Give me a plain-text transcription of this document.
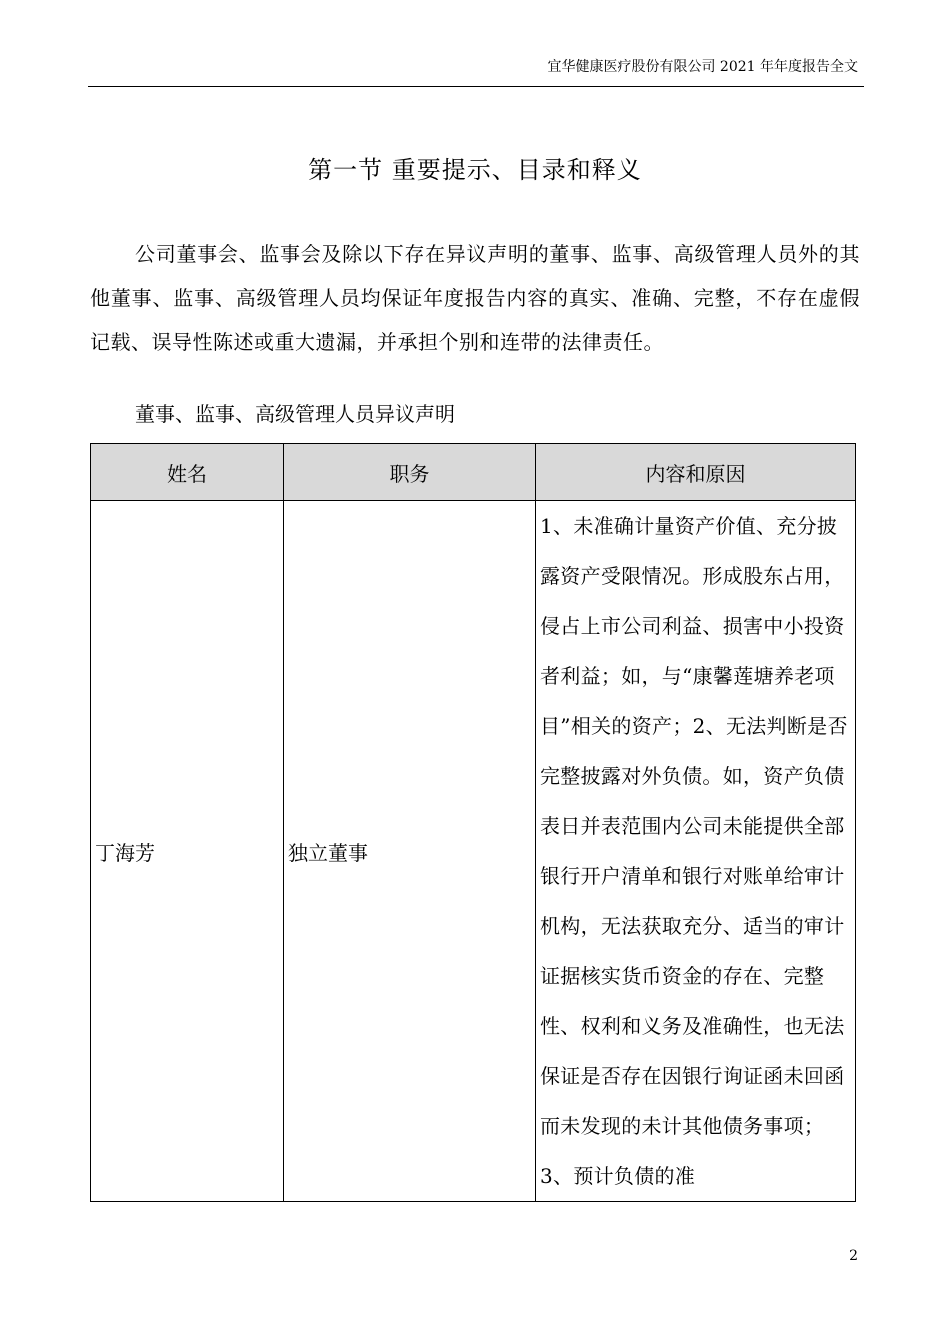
宜华健康医疗股份有限公司 2021 年年度报告全文
第一节 重要提示、目录和释义
公司董事会、监事会及除以下存在异议声明的董事、监事、高级管理人员外的其他董事、监事、高级管理人员均保证年度报告内容的真实、准确、完整，不存在虚假记载、误导性陈述或重大遗漏，并承担个别和连带的法律责任。
董事、监事、高级管理人员异议声明
姓名	职务	内容和原因
丁海芳	独立董事	1、未准确计量资产价值、充分披露资产受限情况。形成股东占用，侵占上市公司利益、损害中小投资者利益；如，与“康馨莲塘养老项目”相关的资产；2、无法判断是否完整披露对外负债。如，资产负债表日并表范围内公司未能提供全部银行开户清单和银行对账单给审计机构，无法获取充分、适当的审计证据核实货币资金的存在、完整性、权利和义务及准确性，也无法保证是否存在因银行询证函未回函而未发现的未计其他债务事项；3、预计负债的准
2
